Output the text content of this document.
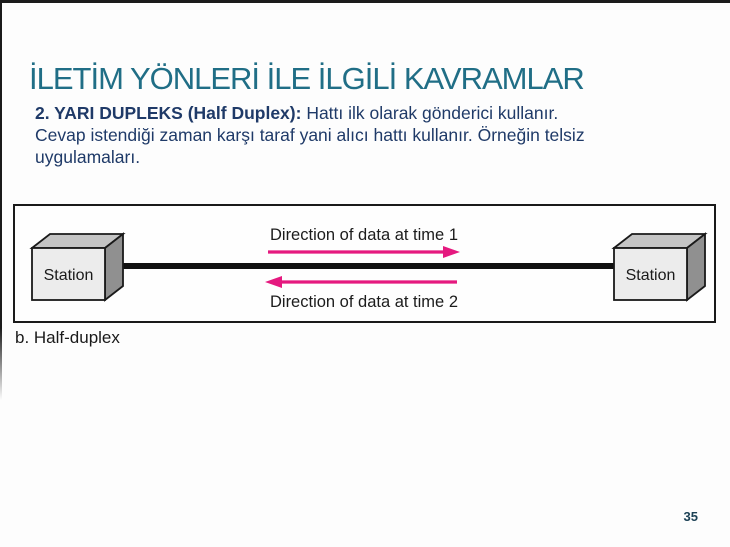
İLETİM YÖNLERİ İLE İLGİLİ KAVRAMLAR
2. YARI DUPLEKS (Half Duplex): Hattı ilk olarak gönderici kullanır.
Cevap istendiği zaman karşı taraf yani alıcı hattı kullanır. Örneğin telsiz
uygulamaları.
Station	Station
Direction of data at time 1
Direction of data at time 2
b. Half-duplex
35
